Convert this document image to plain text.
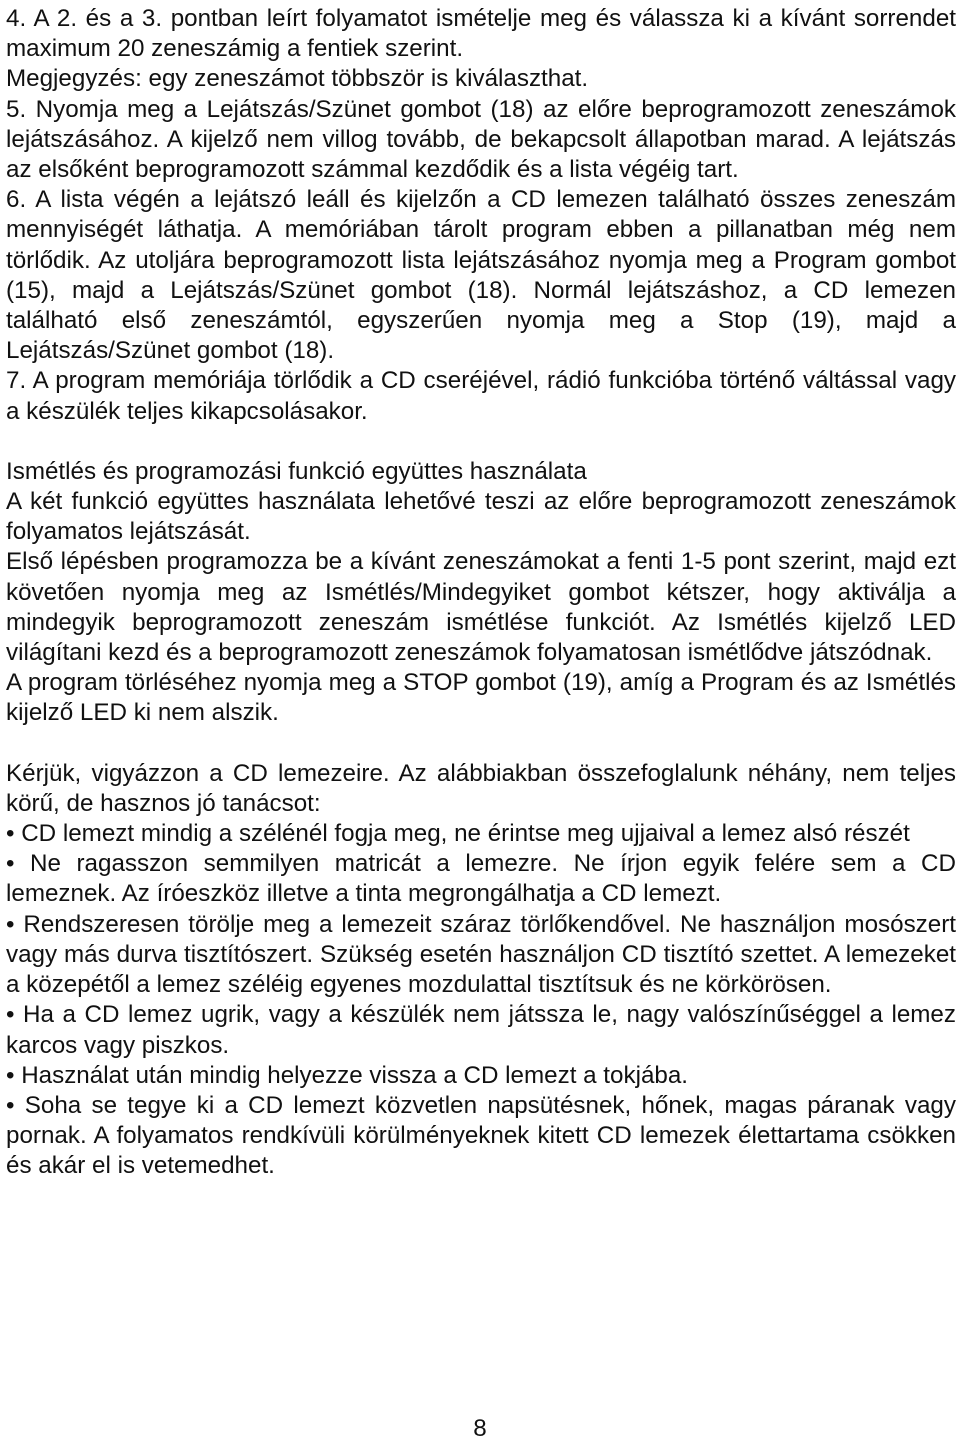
4. A 2. és a 3. pontban leírt folyamatot ismételje meg és válassza ki a kívánt sorrendet maximum 20 zeneszámig a fentiek szerint.

Megjegyzés: egy zeneszámot többször is kiválaszthat.

5. Nyomja meg a Lejátszás/Szünet gombot (18) az előre beprogramozott zeneszámok lejátszásához. A kijelző nem villog tovább, de bekapcsolt állapotban marad. A lejátszás az elsőként beprogramozott számmal kezdődik és a lista végéig tart.

6. A lista végén a lejátszó leáll és kijelzőn a CD lemezen található összes zeneszám mennyiségét láthatja. A memóriában tárolt program ebben a pillanatban még nem törlődik. Az utoljára beprogramozott lista lejátszásához nyomja meg a Program gombot (15), majd a Lejátszás/Szünet gombot (18). Normál lejátszáshoz, a CD lemezen található első zeneszámtól, egyszerűen nyomja meg a Stop (19), majd a Lejátszás/Szünet gombot (18).

7. A program memóriája törlődik a CD cseréjével, rádió funkcióba történő váltással vagy a készülék teljes kikapcsolásakor.

Ismétlés és programozási funkció együttes használata

A két funkció együttes használata lehetővé teszi az előre beprogramozott zeneszámok folyamatos lejátszását.

Első lépésben programozza be a kívánt zeneszámokat a fenti 1-5 pont szerint, majd ezt követően nyomja meg az Ismétlés/Mindegyiket gombot kétszer, hogy aktiválja a mindegyik beprogramozott zeneszám ismétlése funkciót. Az Ismétlés kijelző LED világítani kezd és a beprogramozott zeneszámok folyamatosan ismétlődve játszódnak.

A program törléséhez nyomja meg a STOP gombot (19), amíg a Program és az Ismétlés kijelző LED ki nem alszik.

Kérjük, vigyázzon a CD lemezeire. Az alábbiakban összefoglalunk néhány, nem teljes körű, de hasznos jó tanácsot:

• CD lemezt mindig a szélénél fogja meg, ne érintse meg ujjaival a lemez alsó részét

• Ne ragasszon semmilyen matricát a lemezre. Ne írjon egyik felére sem a CD lemeznek. Az íróeszköz illetve a tinta megrongálhatja a CD lemezt.

• Rendszeresen törölje meg a lemezeit száraz törlőkendővel. Ne használjon mosószert vagy más durva tisztítószert. Szükség esetén használjon CD tisztító szettet. A lemezeket a közepétől a lemez széléig egyenes mozdulattal tisztítsuk és ne körkörösen.

• Ha a CD lemez ugrik, vagy a készülék nem játssza le, nagy valószínűséggel a lemez karcos vagy piszkos.

• Használat után mindig helyezze vissza a CD lemezt a tokjába.

• Soha se tegye ki a CD lemezt közvetlen napsütésnek, hőnek, magas páranak vagy pornak. A folyamatos rendkívüli körülményeknek kitett CD lemezek élettartama csökken és akár el is vetemedhet.

8
